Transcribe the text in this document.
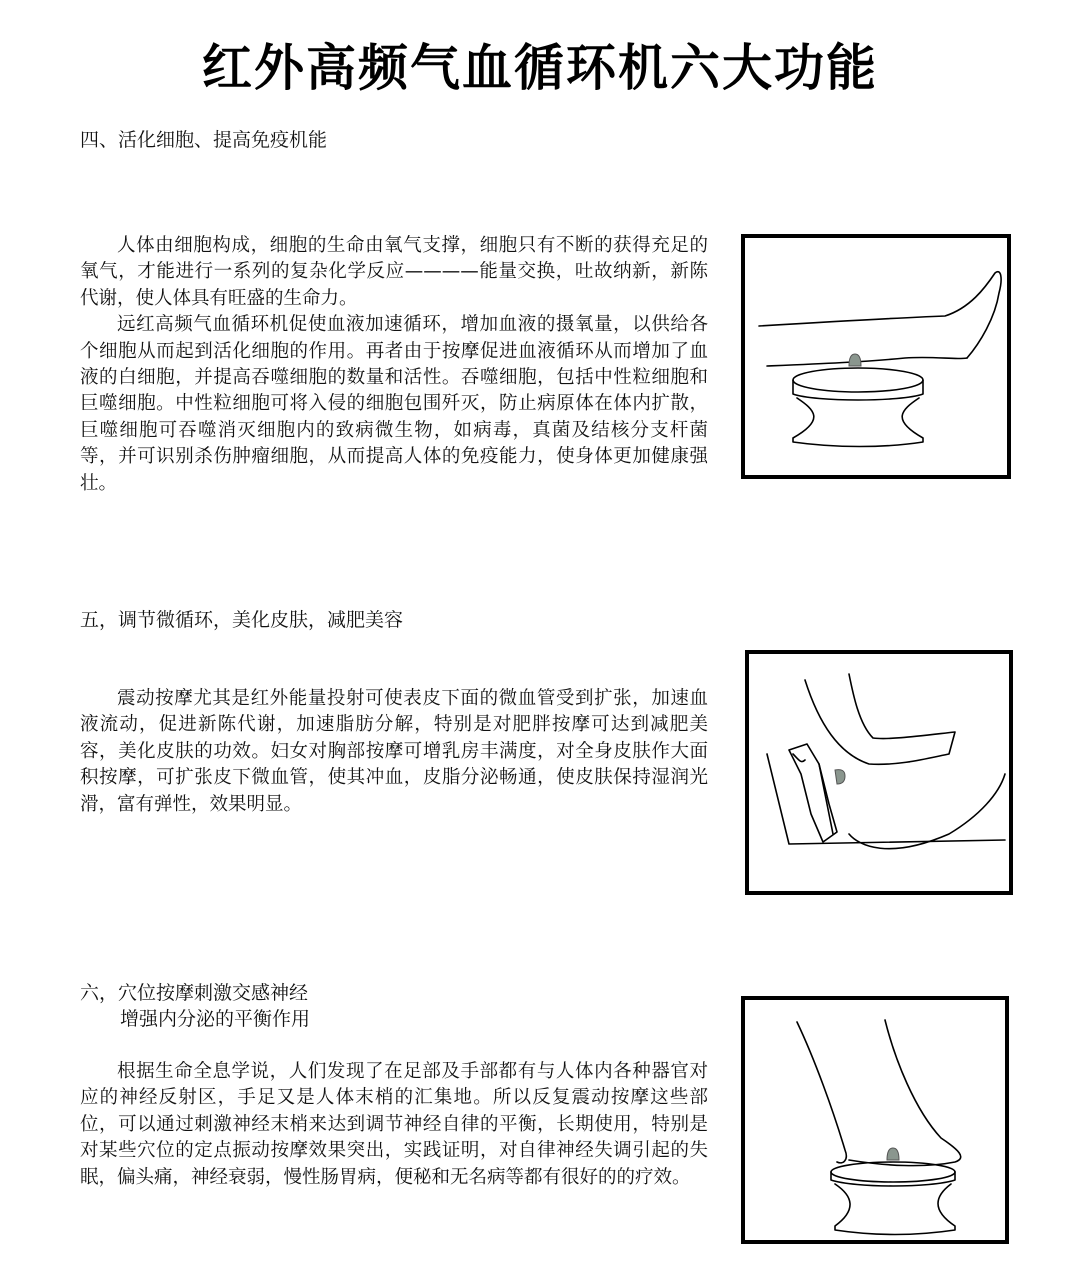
红外高频气血循环机六大功能
四、活化细胞、提高免疫机能

人体由细胞构成，细胞的生命由氧气支撑，细胞只有不断的获得充足的氧气，才能进行一系列的复杂化学反应————能量交换，吐故纳新，新陈代谢，使人体具有旺盛的生命力。

远红高频气血循环机促使血液加速循环，增加血液的摄氧量，以供给各个细胞从而起到活化细胞的作用。再者由于按摩促进血液循环从而增加了血液的白细胞，并提高吞噬细胞的数量和活性。吞噬细胞，包括中性粒细胞和巨噬细胞。中性粒细胞可将入侵的细胞包围歼灭，防止病原体在体内扩散，巨噬细胞可吞噬消灭细胞内的致病微生物，如病毒，真菌及结核分支杆菌等，并可识别杀伤肿瘤细胞，从而提高人体的免疫能力，使身体更加健康强壮。

五，调节微循环，美化皮肤，减肥美容

震动按摩尤其是红外能量投射可使表皮下面的微血管受到扩张，加速血液流动，促进新陈代谢，加速脂肪分解，特别是对肥胖按摩可达到减肥美容，美化皮肤的功效。妇女对胸部按摩可增乳房丰满度，对全身皮肤作大面积按摩，可扩张皮下微血管，使其冲血，皮脂分泌畅通，使皮肤保持湿润光滑，富有弹性，效果明显。

六，穴位按摩刺激交感神经
增强内分泌的平衡作用

根据生命全息学说，人们发现了在足部及手部都有与人体内各种器官对应的神经反射区，手足又是人体末梢的汇集地。所以反复震动按摩这些部位，可以通过刺激神经末梢来达到调节神经自律的平衡，长期使用，特别是对某些穴位的定点振动按摩效果突出，实践证明，对自律神经失调引起的失眠，偏头痛，神经衰弱，慢性肠胃病，便秘和无名病等都有很好的的疗效。
